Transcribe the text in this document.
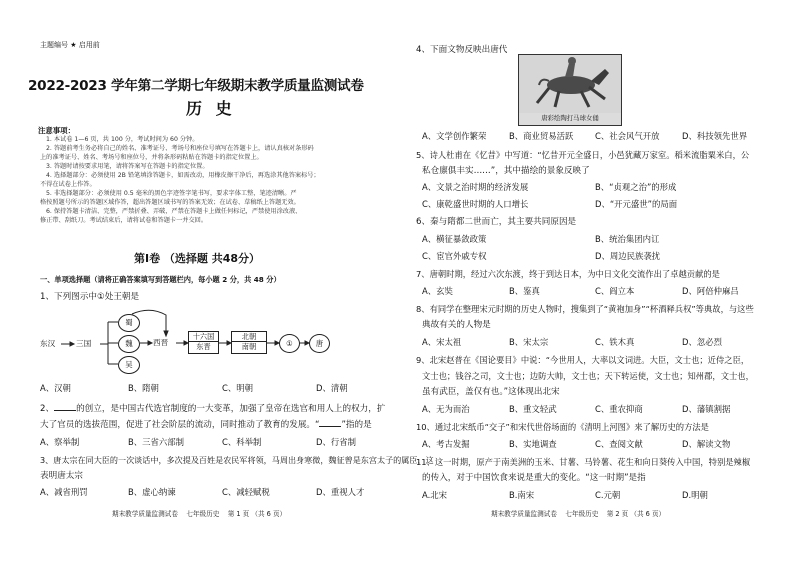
主题编号 ★ 启用前
2022-2023 学年第二学期七年级期末教学质量监测试卷
历 史
注意事项：
1. 本试卷 1—6 页，共 100 分，考试时间为 60 分钟。
2. 答题前考生务必将自己的姓名、准考证号、考场号和座位号填写在答题卡上，请认真核对条形码
上的准考证号、姓名、考场号和座位号，并将条形码粘贴在答题卡的指定位置上。
3. 答题时请按要求用笔，请将答案写在答题卡的指定位置。
4. 选择题部分：必须使用 2B 铅笔填涂答题卡，如需改动，用橡皮擦干净后，再选涂其他答案标号；
不得在试卷上作答。
5. 非选择题部分：必须使用 0.5 毫米的黑色字迹签字笔书写，要求字体工整，笔迹清晰。严
格按照题号所示的答题区域作答，超出答题区域书写的答案无效；在试卷、草稿纸上答题无效。
6. 保持答题卡清洁、完整，严禁折叠、弄破，严禁在答题卡上做任何标记，严禁使用涂改液、
修正带、刮纸刀。考试结束后，请将试卷和答题卡一并交回。
第Ⅰ卷 （选择题 共48分）
一、单项选择题（请将正确答案填写到答题栏内，每小题 2 分，共 48 分）
1、下列图示中①处王朝是
东汉	三国
蜀
魏
吴
西晋
十六国
东晋
北朝
南朝	①	唐
A、汉朝	B、隋朝	C、明朝	D、清朝
2、	的创立，是中国古代选官制度的一大变革，加强了皇帝在选官和用人上的权力，扩
大了官员的选拔范围，促进了社会阶层的流动，同时推动了教育的发展。“	”指的是
A、察举制	B、三省六部制	C、科举制	D、行省制
3、唐太宗在同大臣的一次谈话中，多次提及百姓是农民军将领，马周出身寒微，魏征曾是东宫太子的属臣，这
表明唐太宗
A、减省刑罚	B、虚心纳谏	C、减轻赋税	D、重视人才
期末教学质量监测试卷 七年级历史 第 1 页 （共 6 页）
4、下面文物反映出唐代
唐彩绘陶打马球女俑
A、文学创作繁荣	B、商业贸易活跃	C、社会风气开放	D、科技领先世界
5、诗人杜甫在《忆昔》中写道：“忆昔开元全盛日，小邑犹藏万家室。稻米流脂粟米白，公
私仓廪俱丰实……”，其中描绘的景象反映了
A、文景之治时期的经济发展	B、“贞观之治”的形成
C、康乾盛世时期的人口增长	D、“开元盛世”的局面
6、秦与隋都二世而亡，其主要共同原因是
A、横征暴敛政策	B、统治集团内讧
C、宦官外戚专权	D、周边民族袭扰
7、唐朝时期，经过六次东渡，终于到达日本，为中日文化交流作出了卓越贡献的是
A、玄奘	B、鉴真	C、阎立本	D、阿倍仲麻吕
8、有同学在整理宋元时期的历史人物时，搜集到了“黄袍加身”“杯酒释兵权”等典故，与这些
典故有关的人物是
A、宋太祖	B、宋太宗	C、铁木真	D、忽必烈
9、北宋赵普在《国论要目》中说：“今世用人，大率以文词进。大臣，文士也；近侍之臣，
文士也；钱谷之司，文士也；边防大帅，文士也；天下转运使，文士也；知州郡，文士也，
虽有武臣，盖仅有也。”这体现出北宋
A、无为而治	B、重文轻武	C、重农抑商	D、藩镇割据
10、通过北宋纸币“交子”和宋代世俗场面的《清明上河图》来了解历史的方法是
A、考古发掘	B、实地调查	C、查阅文献	D、解读文物
11、这一时期，原产于南美洲的玉米、甘薯、马铃薯、花生和向日葵传入中国，特别是辣椒
的传入，对于中国饮食来说是重大的变化。“这一时期”是指
A.北宋	B.南宋	C.元朝	D.明朝
期末教学质量监测试卷 七年级历史 第 2 页 （共 6 页）
